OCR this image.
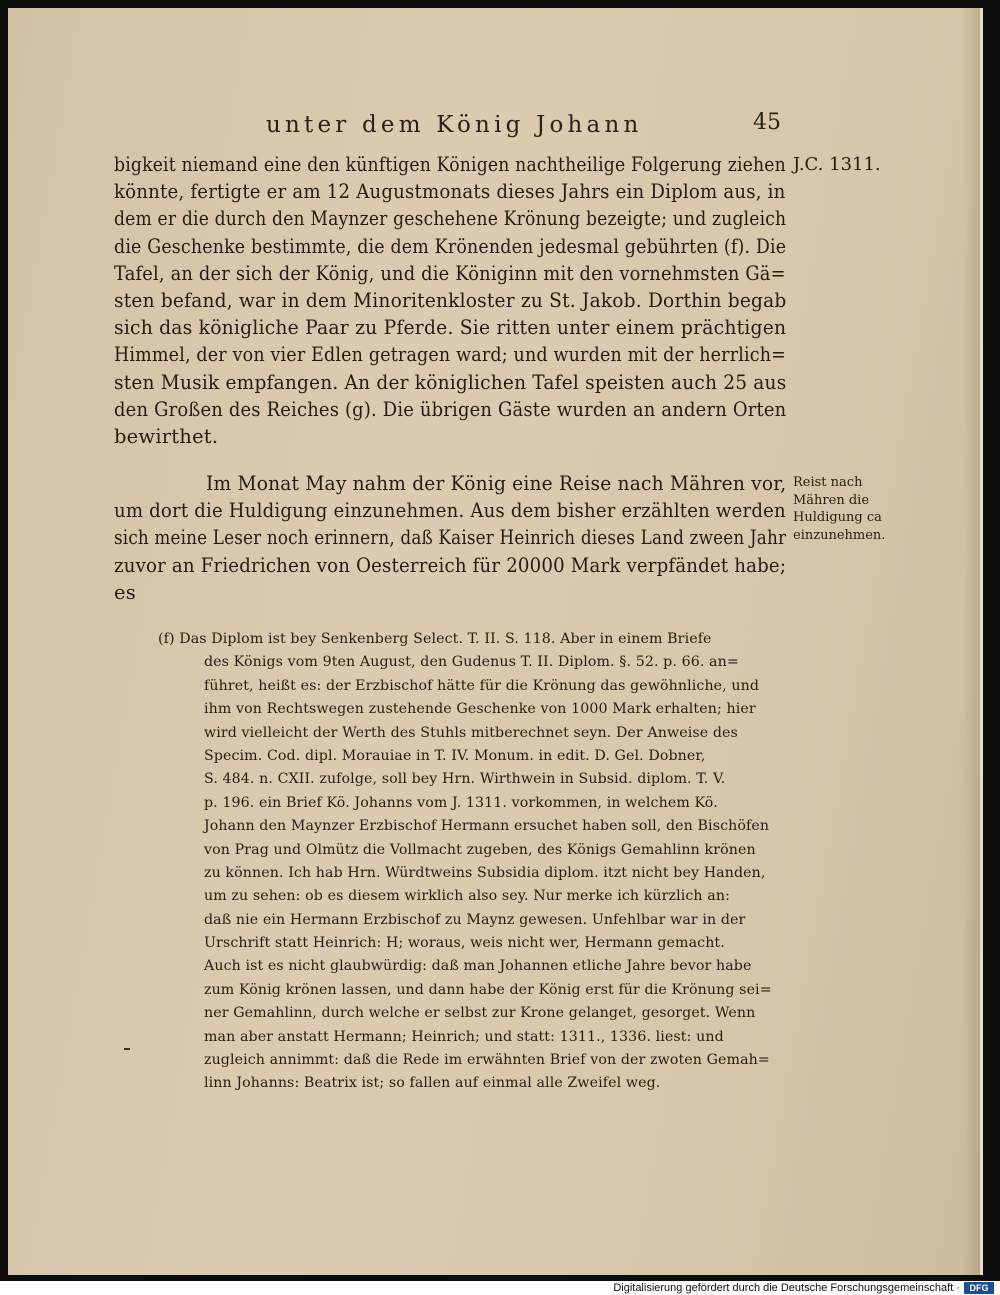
unter dem König Johann	45
J.C. 1311.
bigkeit niemand eine den künftigen Königen nachtheilige Folgerung ziehen
könnte, fertigte er am 12 Augustmonats dieses Jahrs ein Diplom aus, in
dem er die durch den Maynzer geschehene Krönung bezeigte; und zugleich
die Geschenke bestimmte, die dem Krönenden jedesmal gebührten (f). Die
Tafel, an der sich der König, und die Königinn mit den vornehmsten Gä=
sten befand, war in dem Minoritenkloster zu St. Jakob. Dorthin begab
sich das königliche Paar zu Pferde. Sie ritten unter einem prächtigen
Himmel, der von vier Edlen getragen ward; und wurden mit der herrlich=
sten Musik empfangen. An der königlichen Tafel speisten auch 25 aus
den Großen des Reiches (g). Die übrigen Gäste wurden an andern Orten
bewirthet.
Im Monat May nahm der König eine Reise nach Mähren vor,
um dort die Huldigung einzunehmen. Aus dem bisher erzählten werden
sich meine Leser noch erinnern, daß Kaiser Heinrich dieses Land zween Jahr
zuvor an Friedrichen von Oesterreich für 20000 Mark verpfändet habe;
es
Reist nach
Mähren die
Huldigung ca
einzunehmen.
(f) Das Diplom ist bey Senkenberg Select. T. II. S. 118. Aber in einem Briefe
des Königs vom 9ten August, den Gudenus T. II. Diplom. §. 52. p. 66. an=
führet, heißt es: der Erzbischof hätte für die Krönung das gewöhnliche, und
ihm von Rechtswegen zustehende Geschenke von 1000 Mark erhalten; hier
wird vielleicht der Werth des Stuhls mitberechnet seyn. Der Anweise des
Specim. Cod. dipl. Morauiae in T. IV. Monum. in edit. D. Gel. Dobner,
S. 484. n. CXII. zufolge, soll bey Hrn. Wirthwein in Subsid. diplom. T. V.
p. 196. ein Brief Kö. Johanns vom J. 1311. vorkommen, in welchem Kö.
Johann den Maynzer Erzbischof Hermann ersuchet haben soll, den Bischöfen
von Prag und Olmütz die Vollmacht zugeben, des Königs Gemahlinn krönen
zu können. Ich hab Hrn. Würdtweins Subsidia diplom. itzt nicht bey Handen,
um zu sehen: ob es diesem wirklich also sey. Nur merke ich kürzlich an:
daß nie ein Hermann Erzbischof zu Maynz gewesen. Unfehlbar war in der
Urschrift statt Heinrich: H; woraus, weis nicht wer, Hermann gemacht.
Auch ist es nicht glaubwürdig: daß man Johannen etliche Jahre bevor habe
zum König krönen lassen, und dann habe der König erst für die Krönung sei=
ner Gemahlinn, durch welche er selbst zur Krone gelanget, gesorget. Wenn
man aber anstatt Hermann; Heinrich; und statt: 1311., 1336. liest: und
zugleich annimmt: daß die Rede im erwähnten Brief von der zwoten Gemah=
linn Johanns: Beatrix ist; so fallen auf einmal alle Zweifel weg.
Digitalisierung gefördert durch die Deutsche Forschungsgemeinschaft ·	DFG
